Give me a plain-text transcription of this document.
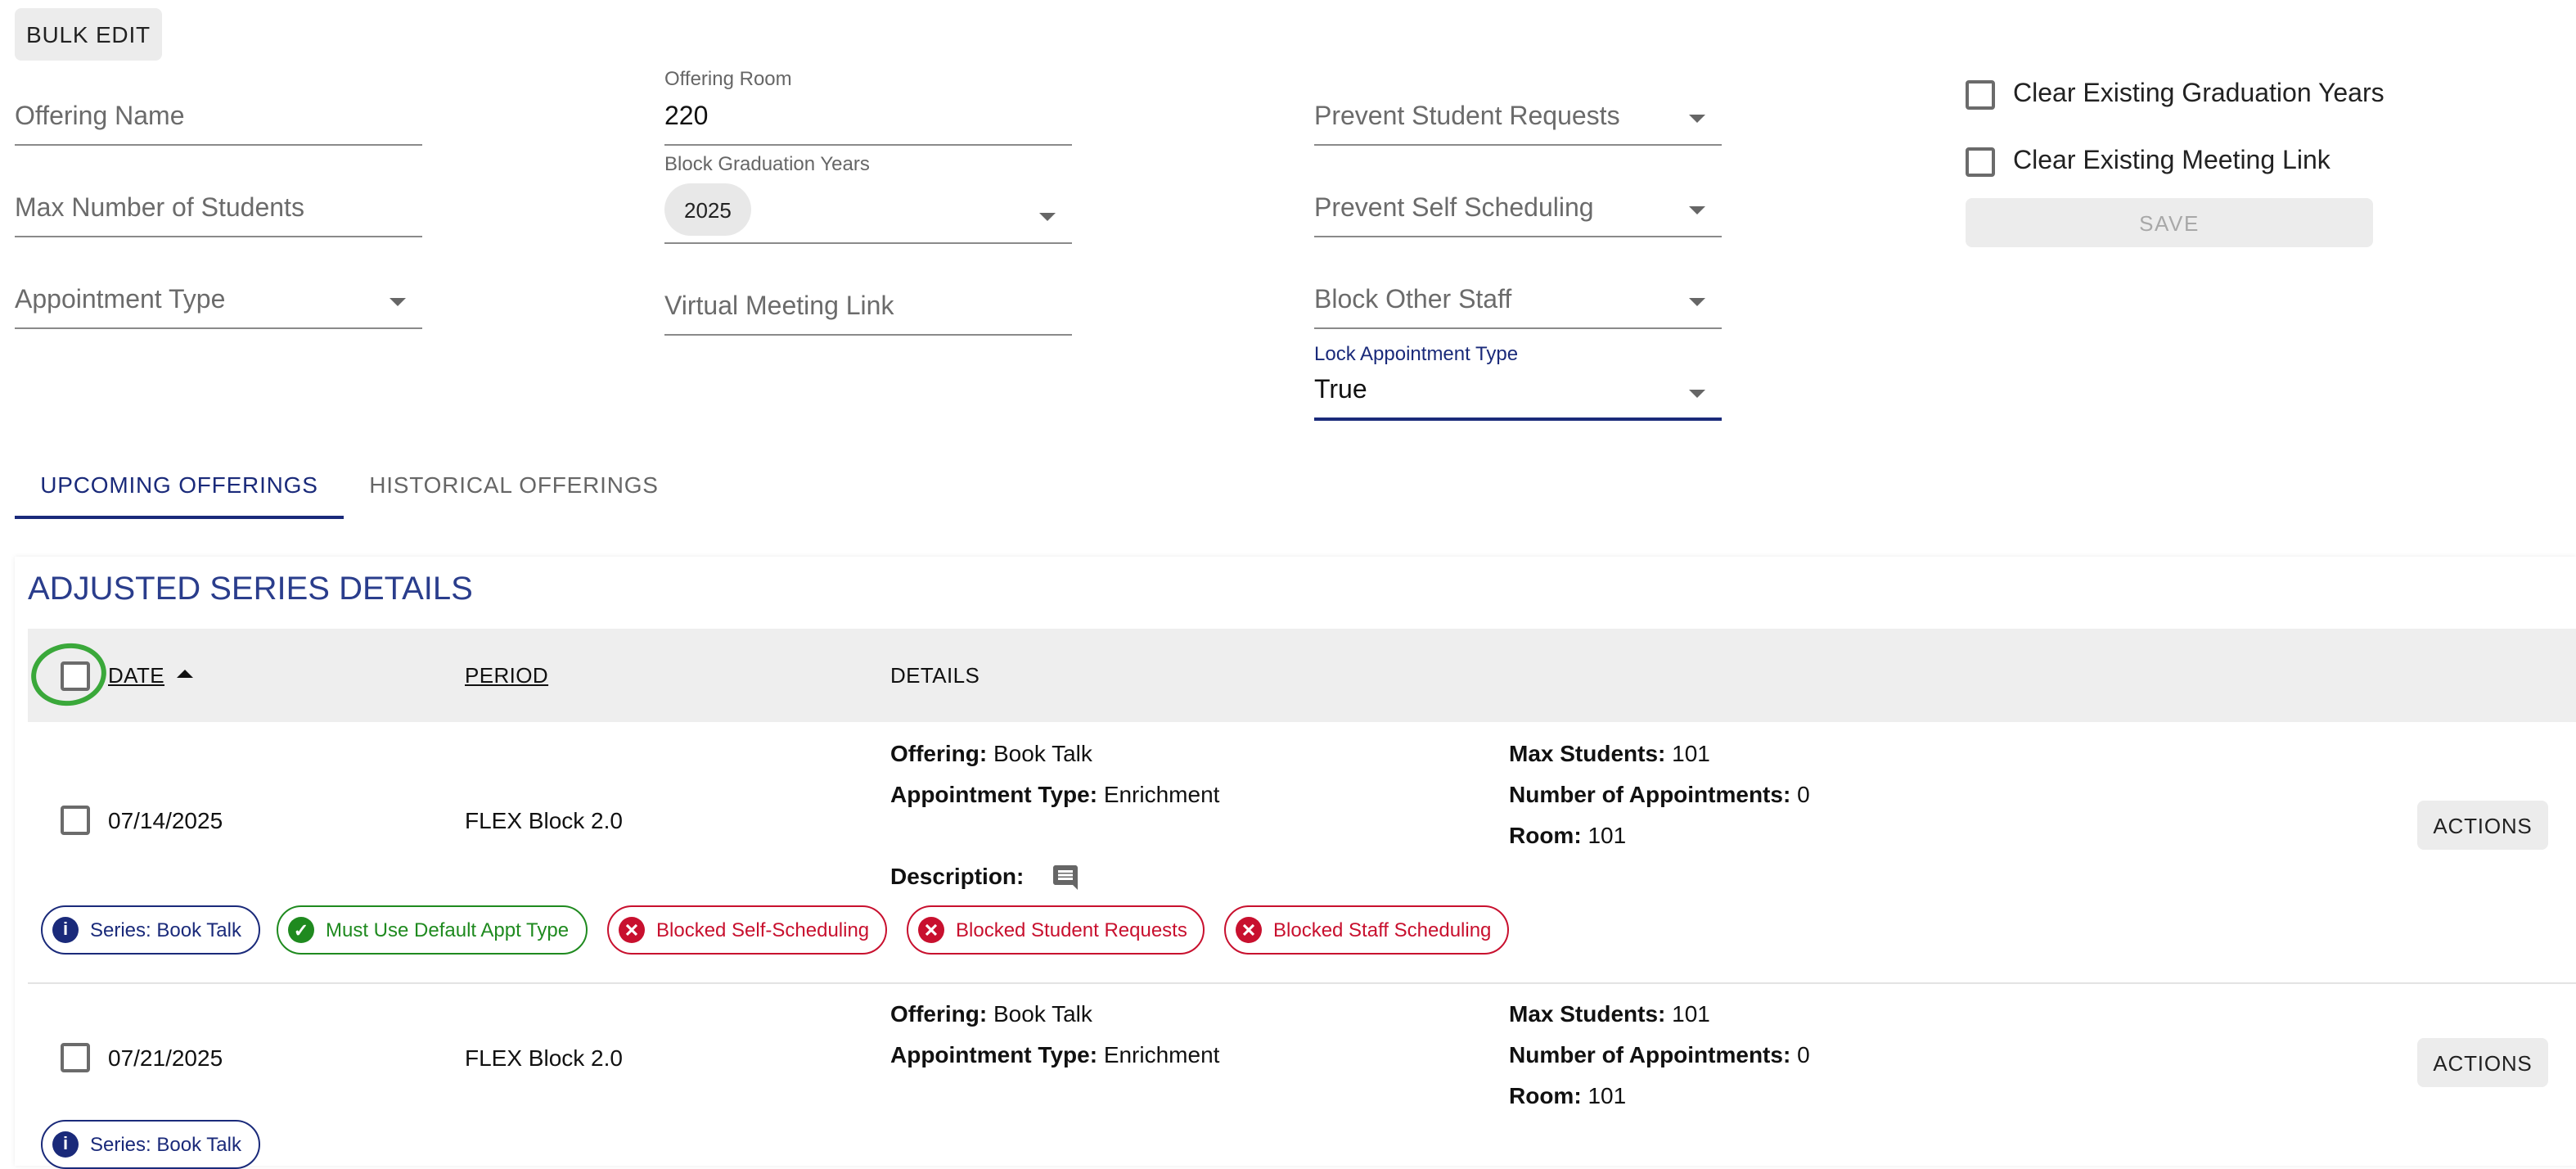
BULK EDIT
Offering Name
Max Number of Students
Appointment Type
Offering Room
220
Block Graduation Years
2025
Virtual Meeting Link
Prevent Student Requests
Prevent Self Scheduling
Block Other Staff
Lock Appointment Type
True
Clear Existing Graduation Years
Clear Existing Meeting Link
SAVE
UPCOMING OFFERINGS	HISTORICAL OFFERINGS
ADJUSTED SERIES DETAILS
DATE	PERIOD	DETAILS
07/14/2025	FLEX Block 2.0
Offering: Book Talk
Appointment Type: Enrichment
Description:
Max Students: 101
Number of Appointments: 0
Room: 101	ACTIONS
i	Series: Book Talk	✓	Must Use Default Appt Type	✕	Blocked Self-Scheduling	✕	Blocked Student Requests	✕	Blocked Staff Scheduling
07/21/2025	FLEX Block 2.0
Offering: Book Talk
Appointment Type: Enrichment
Max Students: 101
Number of Appointments: 0
Room: 101
ACTIONS
i	Series: Book Talk
